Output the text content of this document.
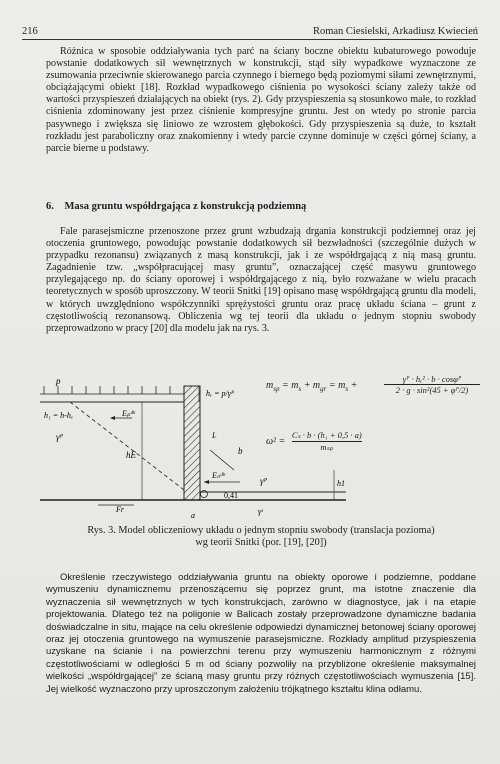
216	Roman Ciesielski, Arkadiusz Kwiecień

Różnica w sposobie oddziaływania tych parć na ściany boczne obiektu kubaturowego powoduje powstanie dodatkowych sił wewnętrznych w konstrukcji, stąd siły wypadkowe wyznaczone ze zsumowania przeciwnie skierowanego parcia czynnego i biernego będą poziomymi siłami zewnętrznymi, obciążającymi obiekt [18]. Rozkład wypadkowego ciśnienia po wysokości ściany zależy także od wartości przyspieszeń działających na obiekt (rys. 2). Gdy przyspieszenia są stosunkowo małe, to rozkład ciśnienia zdominowany jest przez ciśnienie kompresyjne gruntu. Jest on wtedy po stronie parcia pasywnego i zwiększa się liniowo ze wzrostem głębokości. Gdy przyspieszenia są duże, to kształt rozkładu jest paraboliczny oraz znakomienny i wtedy parcie czynne dominuje w części górnej ściany, a parcie bierne u podstawy.

6. Masa gruntu współdrgająca z konstrukcją podziemną

Fale parasejsmiczne przenoszone przez grunt wzbudzają drgania konstrukcji podziemnej oraz jej otoczenia gruntowego, powodując powstanie dodatkowych sił bezwładności (szczególnie dużych w przypadku rezonansu) związanych z masą konstrukcji, jak i ze współdrgającą z nią masą gruntu. Zagadnienie tzw. „współpracującej masy gruntu”, oznaczającej część masywu gruntowego przylegającego np. do ściany oporowej i współdrgającego z nią, było rozważane w wielu pracach teoretycznych w sposób uproszczony. W teorii Snitki [19] opisano masę współdrgającą gruntu dla modeli, w których uwzględniono współczynniki sprężystości gruntu oraz pracę układu ściana – grunt z częstotliwością rezonansową. Obliczenia wg tej teorii dla układu o jednym stopniu swobody przeprowadzono w pracy [20] dla modelu jak na rys. 3.

p
hₑ = p/γᴾ
h₁ = h‑hₑ
γᴾ
Eₚᵈᵏ
hE
Fr
a
Iᵣ
b
Eₙᵈᵇ
0,41
γᴾ	h1
γˢ
$m_{sp} = m_s + m_{gr} = m_s$ +	$\frac{\text{γᴾ · hₑ² · b · cosφᴾ}}{\text{2 · g · sin²(45 + φᴾ/2)}}$
ω² =
Cₛ · b · (h₁ + 0,5 · a)
mₛₚ
Rys. 3. Model obliczeniowy układu o jednym stopniu swobody (translacja pozioma)
wg teorii Snitki (por. [19], [20])

Określenie rzeczywistego oddziaływania gruntu na obiekty oporowe i podziemne, poddane wymuszeniu dynamicznemu przenoszącemu się poprzez grunt, ma istotne znaczenie dla wyznaczenia sił wewnętrznych w tych konstrukcjach, zarówno w diagnostyce, jak i na etapie projektowania. Dlatego też na poligonie w Balicach zostały przeprowadzone dynamiczne badania doświadczalne in situ, mające na celu określenie odpowiedzi dynamicznej betonowej ściany oporowej oraz jej otoczenia gruntowego na wymuszenie parasejsmiczne. Rozkłady amplitud przyspieszenia uzyskane na ścianie i na powierzchni terenu przy wymuszeniu harmonicznym z różnymi częstotliwościami w odległości 5 m od ściany pozwoliły na przybliżone określenie maksymalnej wielkości „współdrgającej” ze ścianą masy gruntu przy różnych częstotliwościach wymuszenia [15]. Jej wielkość wyznaczono przy uproszczonym założeniu trójkątnego kształtu klina odłamu.
